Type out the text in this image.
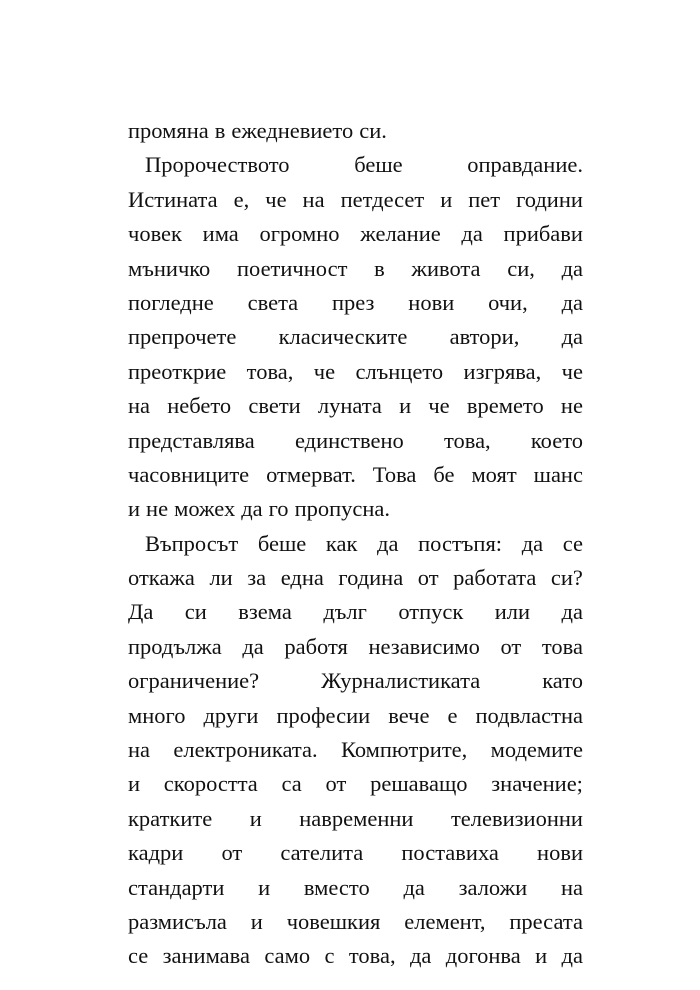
промяна в ежедневието си.
Пророчеството	беше	оправдание.
Истината е, че на петдесет и пет години
човек има огромно желание да прибави
мъничко поетичност в живота си, да
погледне света през нови очи, да
препрочете класическите автори, да
преоткрие това, че слънцето изгрява, че
на небето свети луната и че времето не
представлява единствено това, което
часовниците отмерват. Това бе моят шанс
и не можех да го пропусна.
Въпросът беше как да постъпя: да се
откажа ли за една година от работата си?
Да си взема дълг отпуск или да
продължа да работя независимо от това
ограничение?	Журналистиката	като
много други професии вече е подвластна
на електрониката. Компютрите, модемите
и скоростта са от решаващо значение;
кратките и навременни телевизионни
кадри от сателита поставиха нови
стандарти и вместо да заложи на
размисъла и човешкия елемент, пресата
се занимава само с това, да догонва и да
